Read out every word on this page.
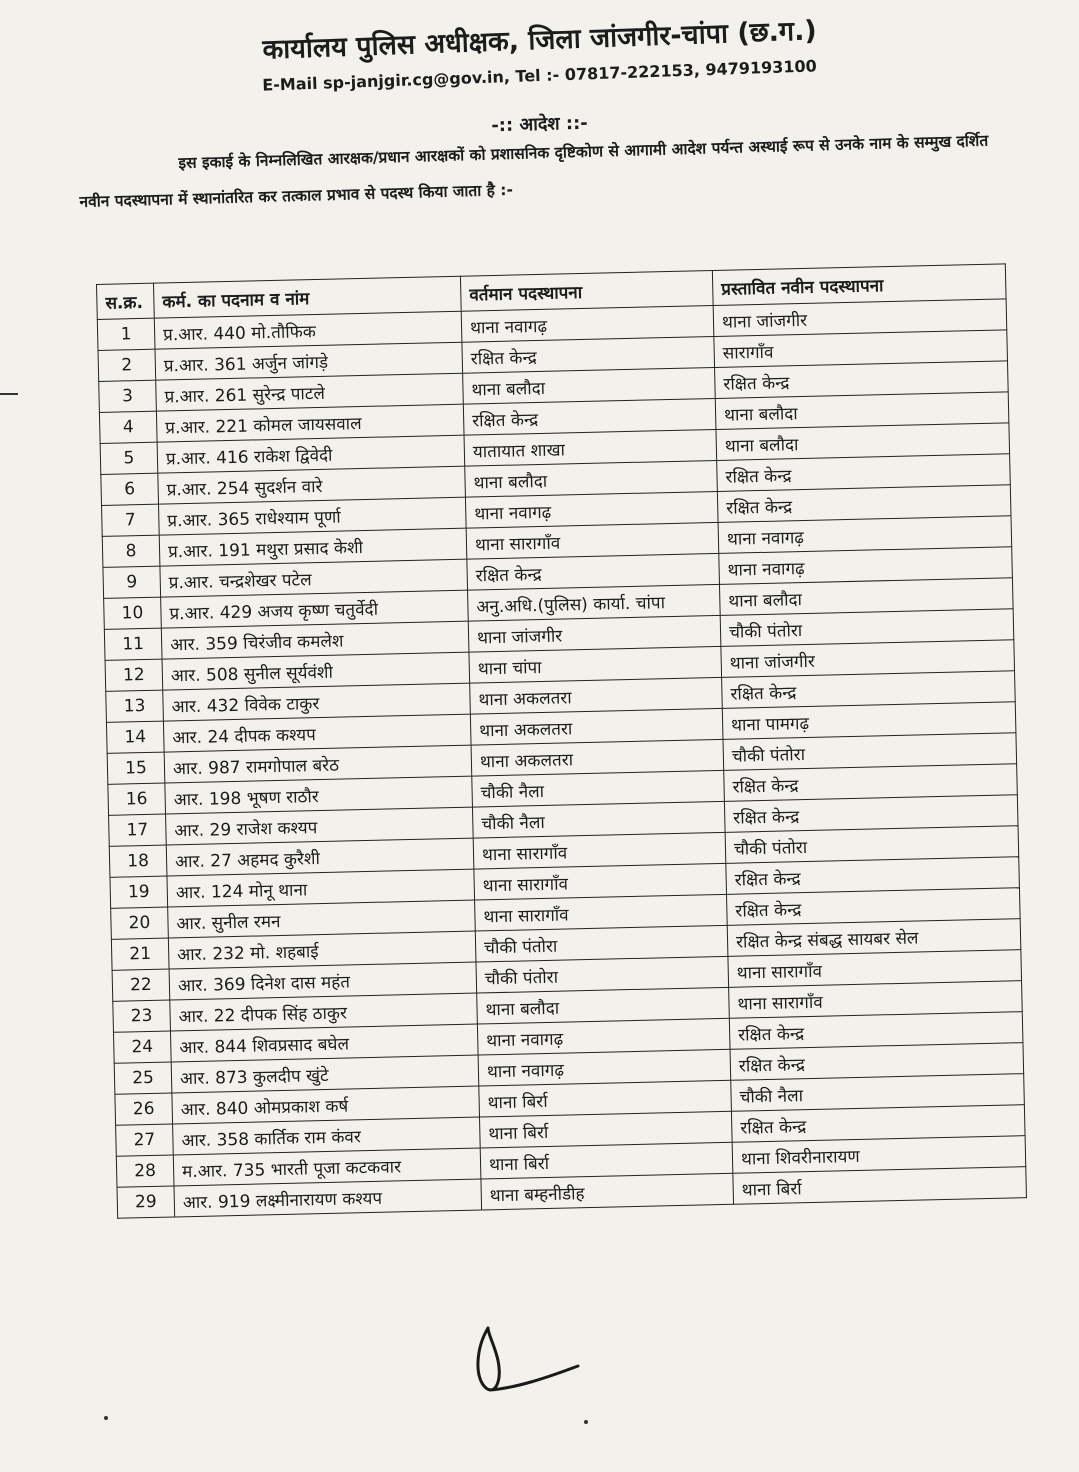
कार्यालय पुलिस अधीक्षक, जिला जांजगीर-चांपा (छ.ग.)
E-Mail sp-janjgir.cg@gov.in, Tel :- 07817-222153, 9479193100
-:: आदेश ::-
इस इकाई के निम्नलिखित आरक्षक/प्रधान आरक्षकों को प्रशासनिक दृष्टिकोण से आगामी आदेश पर्यन्त अस्थाई रूप से उनके नाम के सम्मुख दर्शित नवीन पदस्थापना में स्थानांतरित कर तत्काल प्रभाव से पदस्थ किया जाता है :-
स.क्र.	कर्म. का पदनाम व नांम	वर्तमान पदस्थापना	प्रस्तावित नवीन पदस्थापना
1	प्र.आर. 440 मो.तौफिक	थाना नवागढ़	थाना जांजगीर
2	प्र.आर. 361 अर्जुन जांगड़े	रक्षित केन्द्र	सारागाँव
3	प्र.आर. 261 सुरेन्द्र पाटले	थाना बलौदा	रक्षित केन्द्र
4	प्र.आर. 221 कोमल जायसवाल	रक्षित केन्द्र	थाना बलौदा
5	प्र.आर. 416 राकेश द्विवेदी	यातायात शाखा	थाना बलौदा
6	प्र.आर. 254 सुदर्शन वारे	थाना बलौदा	रक्षित केन्द्र
7	प्र.आर. 365 राधेश्याम पूर्णा	थाना नवागढ़	रक्षित केन्द्र
8	प्र.आर. 191 मथुरा प्रसाद केशी	थाना सारागाँव	थाना नवागढ़
9	प्र.आर. चन्द्रशेखर पटेल	रक्षित केन्द्र	थाना नवागढ़
10	प्र.आर. 429 अजय कृष्ण चतुर्वेदी	अनु.अधि.(पुलिस) कार्या. चांपा	थाना बलौदा
11	आर. 359 चिरंजीव कमलेश	थाना जांजगीर	चौकी पंतोरा
12	आर. 508 सुनील सूर्यवंशी	थाना चांपा	थाना जांजगीर
13	आर. 432 विवेक टाकुर	थाना अकलतरा	रक्षित केन्द्र
14	आर. 24 दीपक कश्यप	थाना अकलतरा	थाना पामगढ़
15	आर. 987 रामगोपाल बरेठ	थाना अकलतरा	चौकी पंतोरा
16	आर. 198 भूषण राठौर	चौकी नैला	रक्षित केन्द्र
17	आर. 29 राजेश कश्यप	चौकी नैला	रक्षित केन्द्र
18	आर. 27 अहमद कुरैशी	थाना सारागाँव	चौकी पंतोरा
19	आर. 124 मोनू थाना	थाना सारागाँव	रक्षित केन्द्र
20	आर. सुनील रमन	थाना सारागाँव	रक्षित केन्द्र
21	आर. 232 मो. शहबाई	चौकी पंतोरा	रक्षित केन्द्र संबद्ध सायबर सेल
22	आर. 369 दिनेश दास महंत	चौकी पंतोरा	थाना सारागाँव
23	आर. 22 दीपक सिंह ठाकुर	थाना बलौदा	थाना सारागाँव
24	आर. 844 शिवप्रसाद बघेल	थाना नवागढ़	रक्षित केन्द्र
25	आर. 873 कुलदीप खुंटे	थाना नवागढ़	रक्षित केन्द्र
26	आर. 840 ओमप्रकाश कर्ष	थाना बिर्रा	चौकी नैला
27	आर. 358 कार्तिक राम कंवर	थाना बिर्रा	रक्षित केन्द्र
28	म.आर. 735 भारती पूजा कटकवार	थाना बिर्रा	थाना शिवरीनारायण
29	आर. 919 लक्ष्मीनारायण कश्यप	थाना बम्हनीडीह	थाना बिर्रा
